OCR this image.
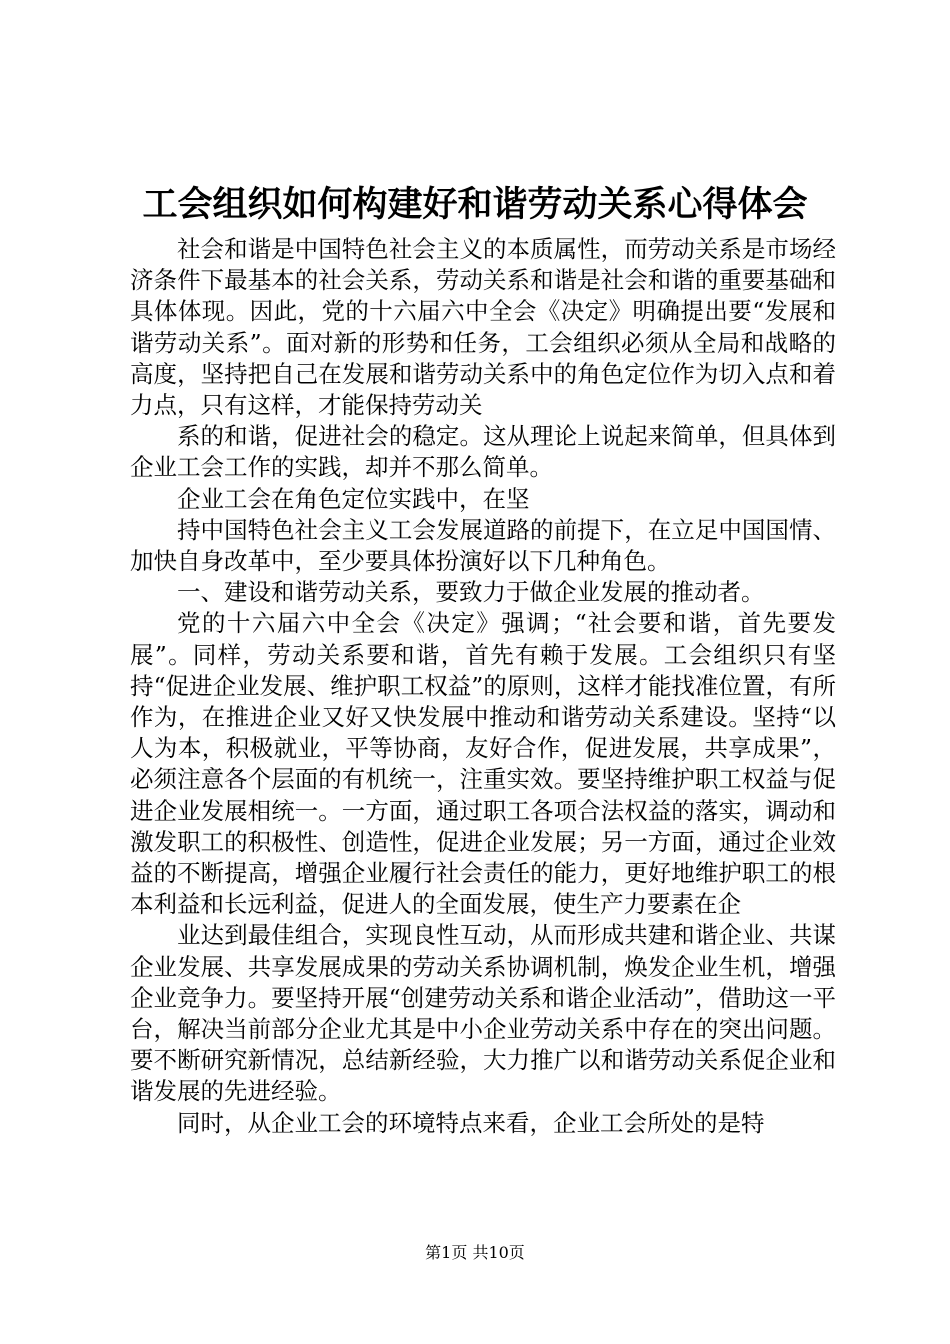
工会组织如何构建好和谐劳动关系心得体会

社会和谐是中国特色社会主义的本质属性，而劳动关系是市场经济条件下最基本的社会关系，劳动关系和谐是社会和谐的重要基础和具体体现。因此，党的十六届六中全会《决定》明确提出要“发展和谐劳动关系”。面对新的形势和任务，工会组织必须从全局和战略的高度，坚持把自己在发展和谐劳动关系中的角色定位作为切入点和着力点，只有这样，才能保持劳动关

系的和谐，促进社会的稳定。这从理论上说起来简单，但具体到企业工会工作的实践，却并不那么简单。

企业工会在角色定位实践中，在坚

持中国特色社会主义工会发展道路的前提下，在立足中国国情、加快自身改革中，至少要具体扮演好以下几种角色。

一、建设和谐劳动关系，要致力于做企业发展的推动者。

党的十六届六中全会《决定》强调；“社会要和谐，首先要发展”。同样，劳动关系要和谐，首先有赖于发展。工会组织只有坚持“促进企业发展、维护职工权益”的原则，这样才能找准位置，有所作为，在推进企业又好又快发展中推动和谐劳动关系建设。坚持“以人为本，积极就业，平等协商，友好合作，促进发展，共享成果”，必须注意各个层面的有机统一，注重实效。要坚持维护职工权益与促进企业发展相统一。一方面，通过职工各项合法权益的落实，调动和激发职工的积极性、创造性，促进企业发展；另一方面，通过企业效益的不断提高，增强企业履行社会责任的能力，更好地维护职工的根本利益和长远利益，促进人的全面发展，使生产力要素在企

业达到最佳组合，实现良性互动，从而形成共建和谐企业、共谋企业发展、共享发展成果的劳动关系协调机制，焕发企业生机，增强企业竞争力。要坚持开展“创建劳动关系和谐企业活动”，借助这一平台，解决当前部分企业尤其是中小企业劳动关系中存在的突出问题。要不断研究新情况，总结新经验，大力推广以和谐劳动关系促企业和谐发展的先进经验。

同时，从企业工会的环境特点来看，企业工会所处的是特

第1页 共10页
